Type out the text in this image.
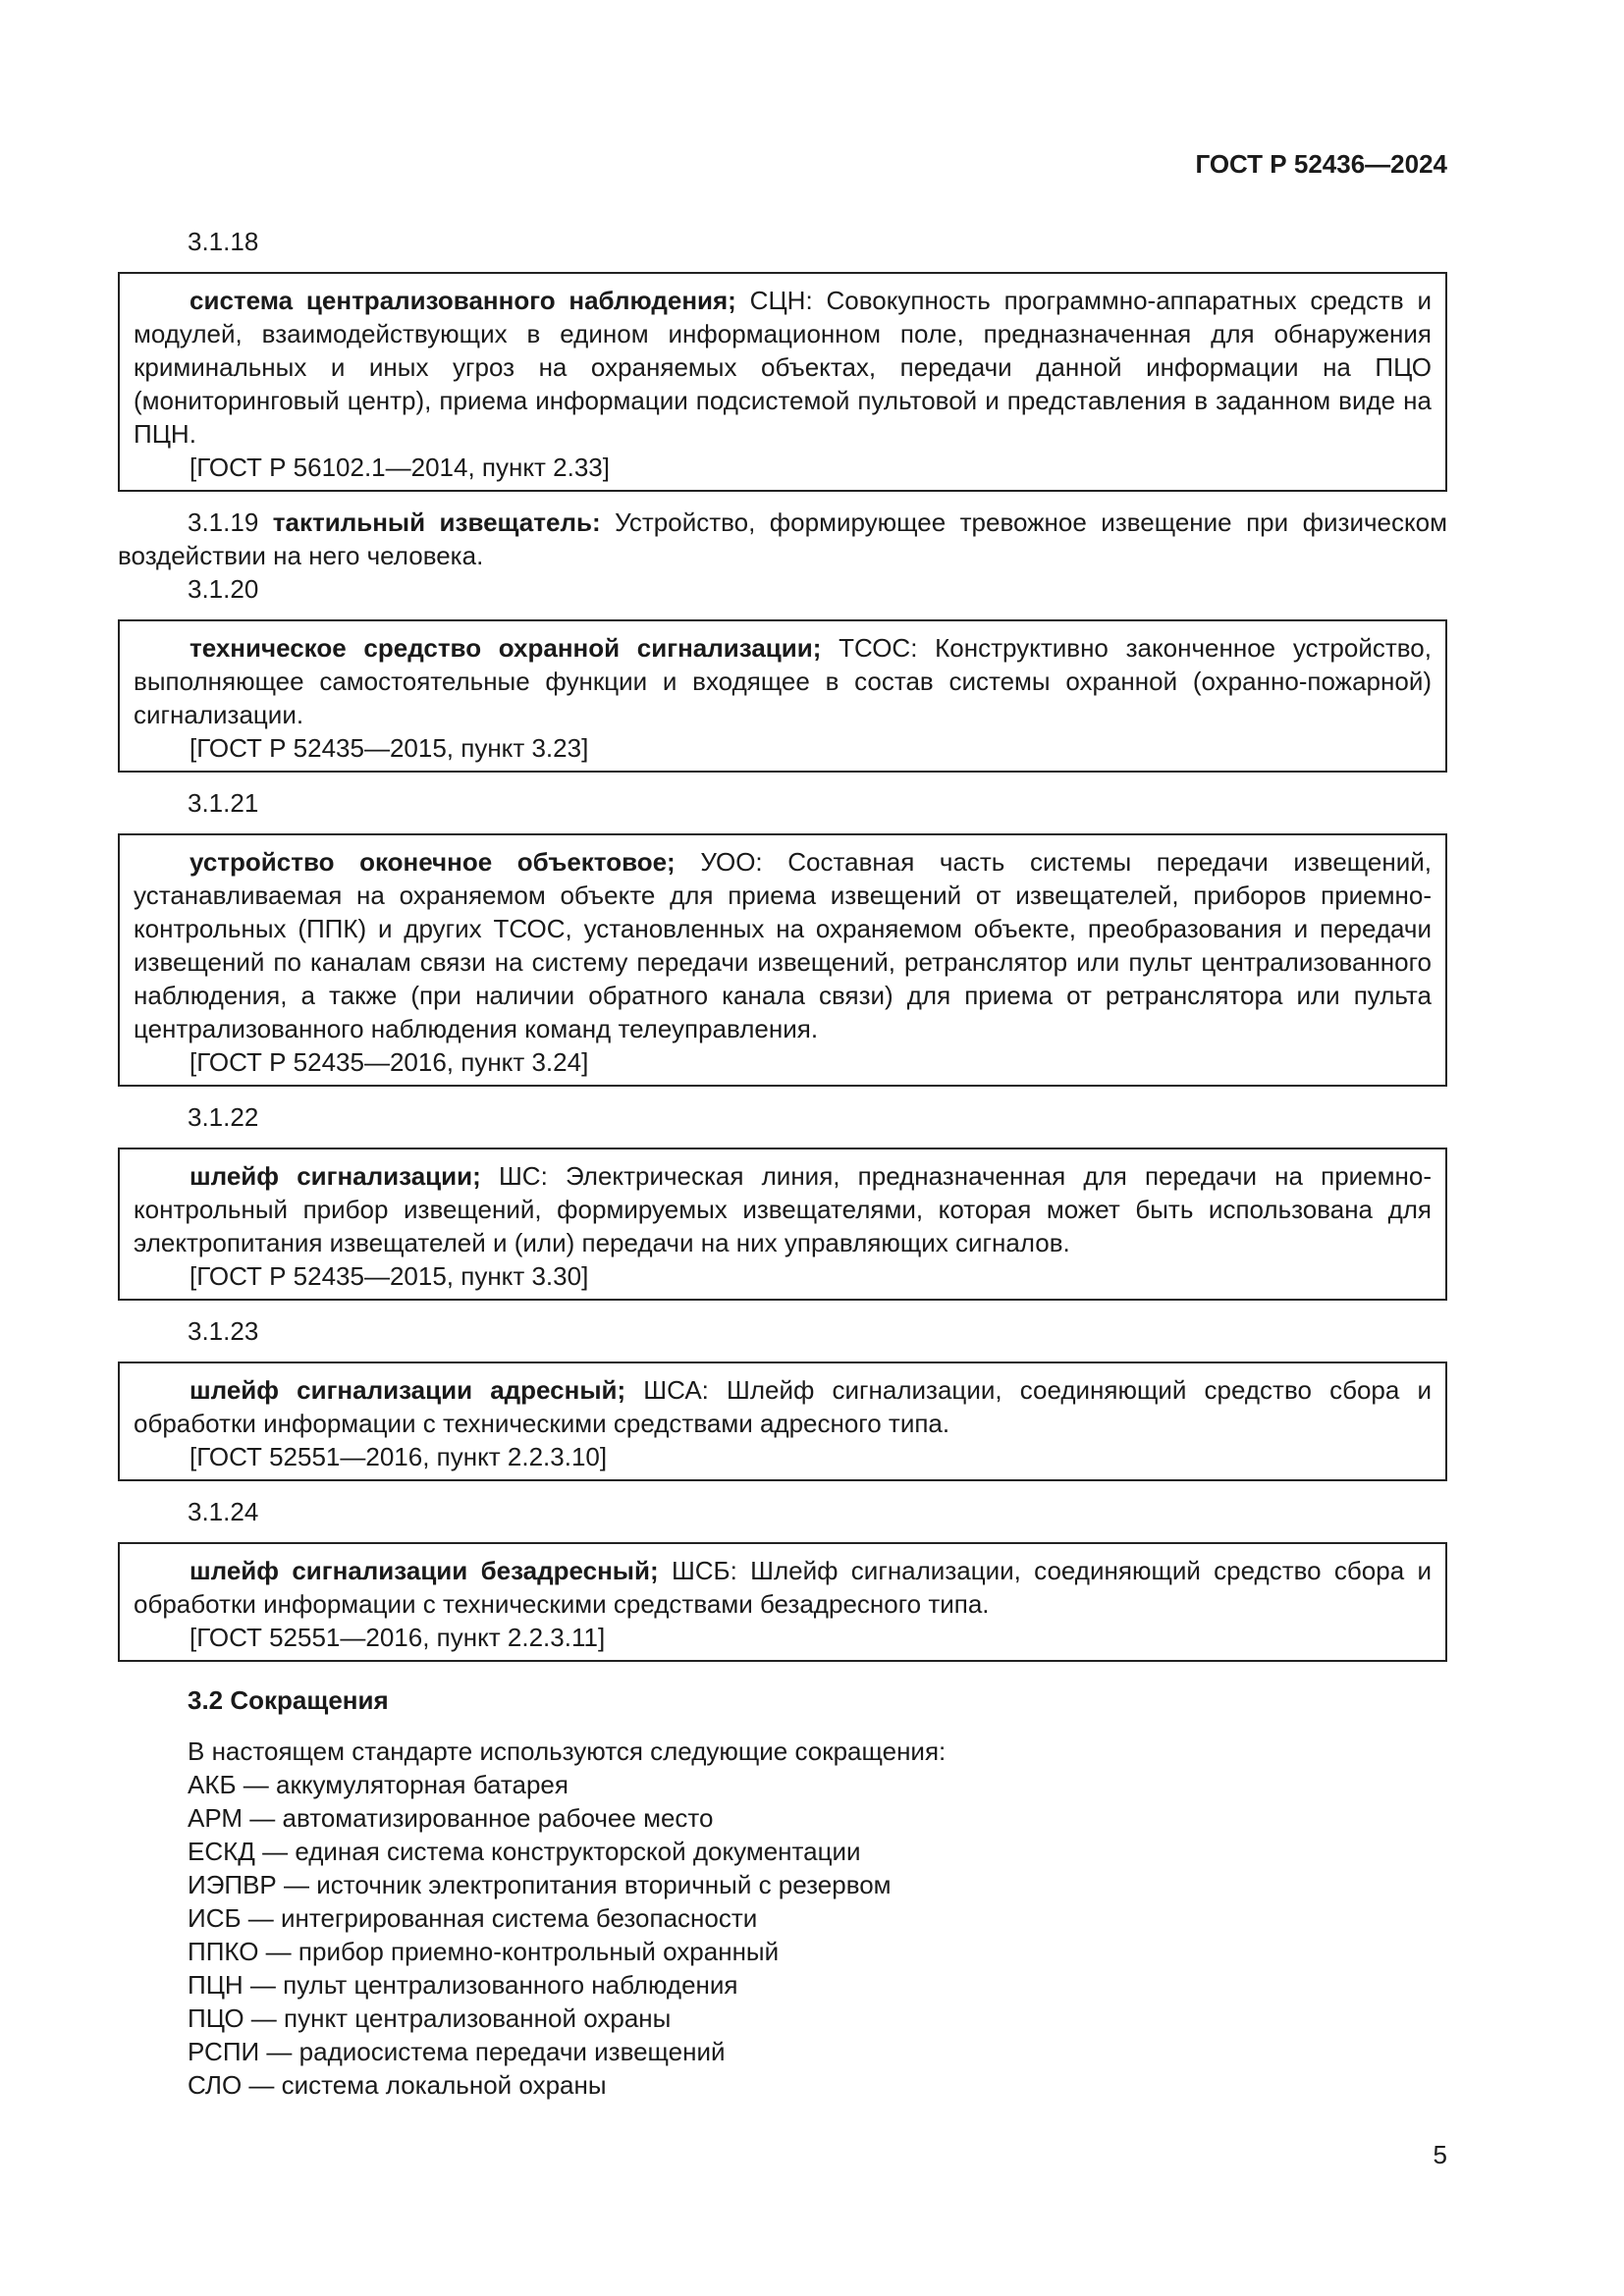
ГОСТ Р 52436—2024
3.1.18
система централизованного наблюдения; СЦН: Совокупность программно-аппаратных средств и модулей, взаимодействующих в едином информационном поле, предназначенная для обнаружения криминальных и иных угроз на охраняемых объектах, передачи данной информации на ПЦО (мониторинговый центр), приема информации подсистемой пультовой и представления в заданном виде на ПЦН.
[ГОСТ Р 56102.1—2014, пункт 2.33]
3.1.19 тактильный извещатель: Устройство, формирующее тревожное извещение при физическом воздействии на него человека.
3.1.20
техническое средство охранной сигнализации; ТСОС: Конструктивно законченное устройство, выполняющее самостоятельные функции и входящее в состав системы охранной (охранно-пожарной) сигнализации.
[ГОСТ Р 52435—2015, пункт 3.23]
3.1.21
устройство оконечное объектовое; УОО: Составная часть системы передачи извещений, устанавливаемая на охраняемом объекте для приема извещений от извещателей, приборов приемно-контрольных (ППК) и других ТСОС, установленных на охраняемом объекте, преобразования и передачи извещений по каналам связи на систему передачи извещений, ретранслятор или пульт централизованного наблюдения, а также (при наличии обратного канала связи) для приема от ретранслятора или пульта централизованного наблюдения команд телеуправления.
[ГОСТ Р 52435—2016, пункт 3.24]
3.1.22
шлейф сигнализации; ШС: Электрическая линия, предназначенная для передачи на приемно-контрольный прибор извещений, формируемых извещателями, которая может быть использована для электропитания извещателей и (или) передачи на них управляющих сигналов.
[ГОСТ Р 52435—2015, пункт 3.30]
3.1.23
шлейф сигнализации адресный; ШСА: Шлейф сигнализации, соединяющий средство сбора и обработки информации с техническими средствами адресного типа.
[ГОСТ 52551—2016, пункт 2.2.3.10]
3.1.24
шлейф сигнализации безадресный; ШСБ: Шлейф сигнализации, соединяющий средство сбора и обработки информации с техническими средствами безадресного типа.
[ГОСТ 52551—2016, пункт 2.2.3.11]
3.2 Сокращения
В настоящем стандарте используются следующие сокращения:
АКБ — аккумуляторная батарея
АРМ — автоматизированное рабочее место
ЕСКД — единая система конструкторской документации
ИЭПВР — источник электропитания вторичный с резервом
ИСБ — интегрированная система безопасности
ППКО — прибор приемно-контрольный охранный
ПЦН — пульт централизованного наблюдения
ПЦО — пункт централизованной охраны
РСПИ — радиосистема передачи извещений
СЛО — система локальной охраны
5
